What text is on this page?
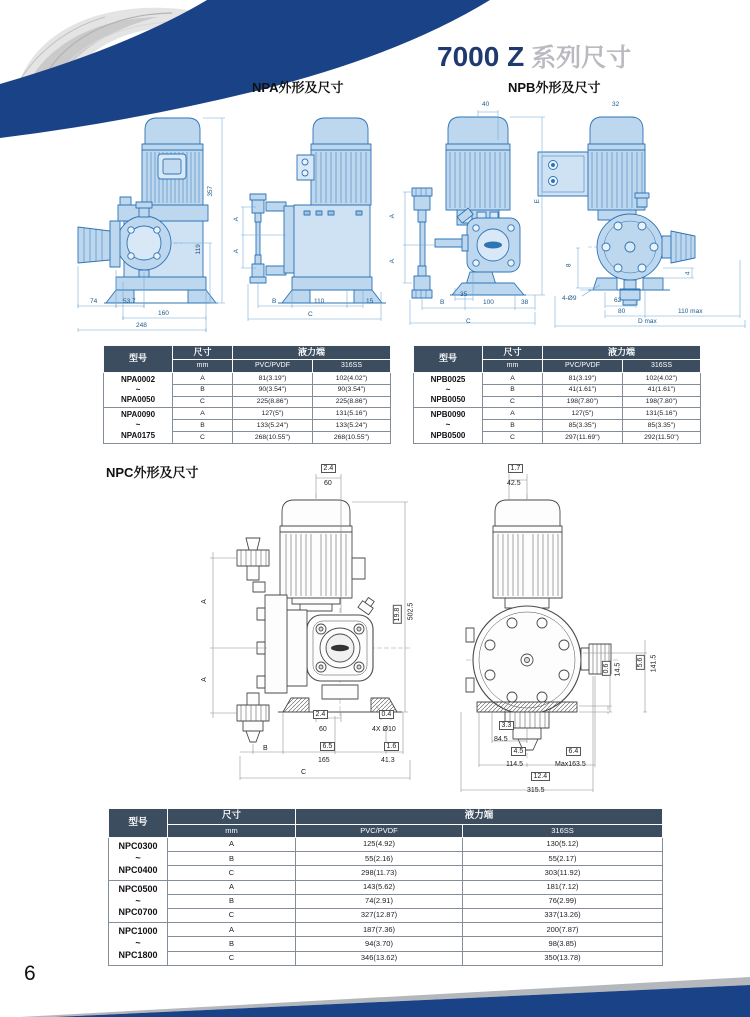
7000 Z 系列尺寸
NPA外形及尺寸	NPB外形及尺寸
NPC外形及尺寸
357
119
74	53.7
160
248
A
A
B	110	15
C
40	32
A
A
E
35
B	100	38
C
8
4
4-Ø9	62
80	110 max
D max
型号	尺寸	液力端	
	mm	PVC/PVDF	316SS

NPA0002
~
NPA0050	A	81(3.19")	102(4.02")
	B	90(3.54")	90(3.54")
	C	225(8.86")	225(8.86")

NPA0090
~
NPA0175	A	127(5")	131(5.16")
	B	133(5.24")	133(5.24")
	C	268(10.55")	268(10.55")
型号	尺寸	液力端	
	mm	PVC/PVDF	316SS

NPB0025
~
NPB0050	A	81(3.19")	102(4.02")
	B	41(1.61")	41(1.61")
	C	198(7.80")	198(7.80")

NPB0090
~
NPB0500	A	127(5")	131(5.16")
	B	85(3.35")	85(3.35")
	C	297(11.69")	292(11.50")
2.4
60
1.7
42.5
A
A
19.8 502.5
2.4
60
0.4
4X Ø10
B	6.5
165
1.6
41.3
C
0.6 14.5
5.6 141.5
3.3
84.5
4.5
114.5
6.4
Max163.5
12.4
315.5
型号	尺寸	液力端	
	mm	PVC/PVDF	316SS

NPC0300
~
NPC0400	A	125(4.92)	130(5.12)
	B	55(2.16)	55(2.17)
	C	298(11.73)	303(11.92)

NPC0500
~
NPC0700	A	143(5.62)	181(7.12)
	B	74(2.91)	76(2.99)
	C	327(12.87)	337(13.26)

NPC1000
~
NPC1800	A	187(7.36)	200(7.87)
	B	94(3.70)	98(3.85)
	C	346(13.62)	350(13.78)
6
